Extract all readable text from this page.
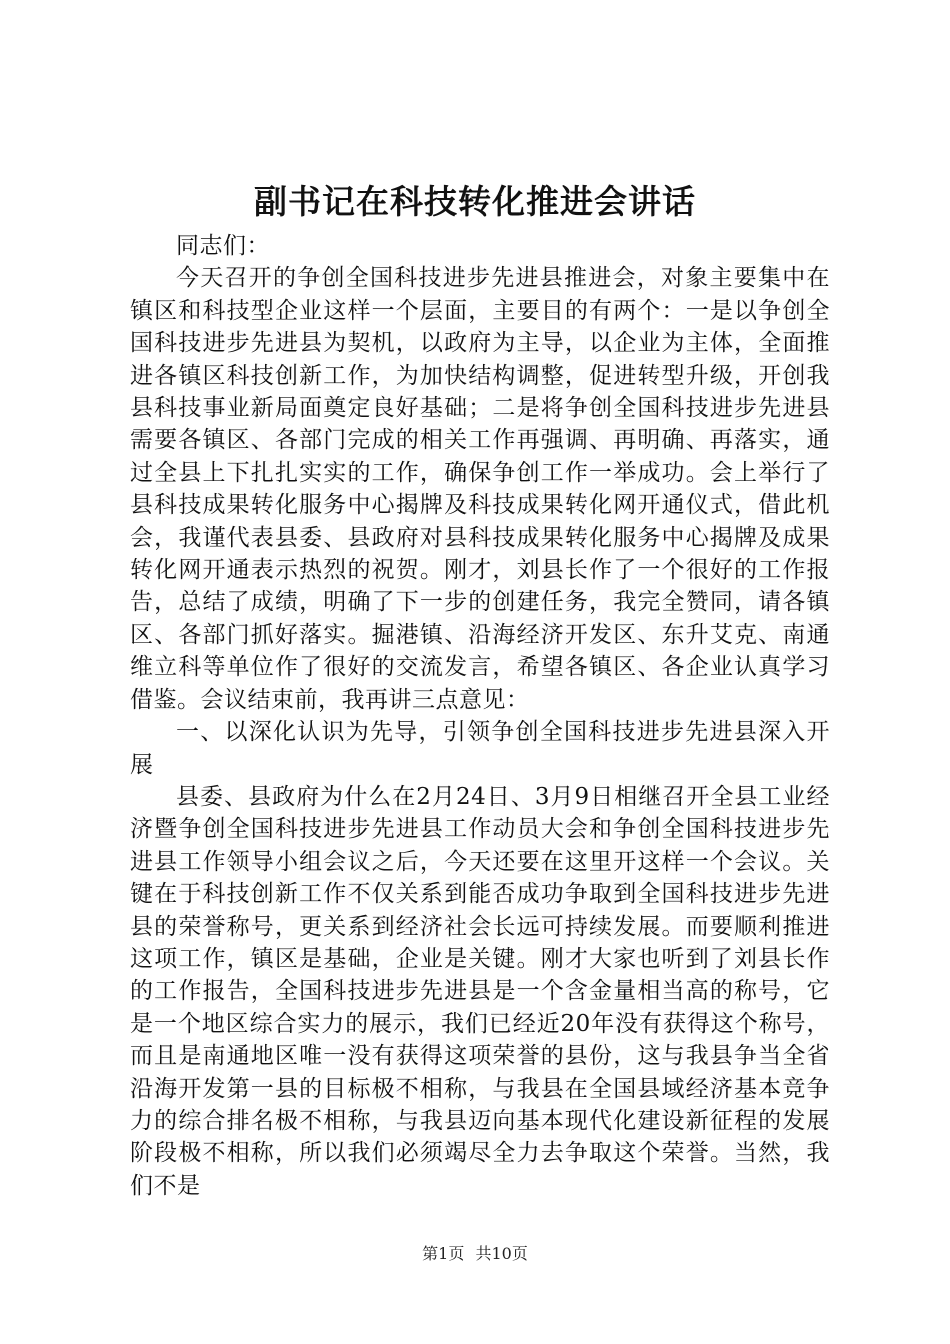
副书记在科技转化推进会讲话

同志们：

今天召开的争创全国科技进步先进县推进会，对象主要集中在镇区和科技型企业这样一个层面，主要目的有两个：一是以争创全国科技进步先进县为契机，以政府为主导，以企业为主体，全面推进各镇区科技创新工作，为加快结构调整，促进转型升级，开创我县科技事业新局面奠定良好基础；二是将争创全国科技进步先进县需要各镇区、各部门完成的相关工作再强调、再明确、再落实，通过全县上下扎扎实实的工作，确保争创工作一举成功。会上举行了县科技成果转化服务中心揭牌及科技成果转化网开通仪式，借此机会，我谨代表县委、县政府对县科技成果转化服务中心揭牌及成果转化网开通表示热烈的祝贺。刚才，刘县长作了一个很好的工作报告，总结了成绩，明确了下一步的创建任务，我完全赞同，请各镇区、各部门抓好落实。掘港镇、沿海经济开发区、东升艾克、南通维立科等单位作了很好的交流发言，希望各镇区、各企业认真学习借鉴。会议结束前，我再讲三点意见：

一、以深化认识为先导，引领争创全国科技进步先进县深入开展

县委、县政府为什么在2月24日、3月9日相继召开全县工业经济暨争创全国科技进步先进县工作动员大会和争创全国科技进步先进县工作领导小组会议之后，今天还要在这里开这样一个会议。关键在于科技创新工作不仅关系到能否成功争取到全国科技进步先进县的荣誉称号，更关系到经济社会长远可持续发展。而要顺利推进这项工作，镇区是基础，企业是关键。刚才大家也听到了刘县长作的工作报告，全国科技进步先进县是一个含金量相当高的称号，它是一个地区综合实力的展示，我们已经近20年没有获得这个称号，而且是南通地区唯一没有获得这项荣誉的县份，这与我县争当全省沿海开发第一县的目标极不相称，与我县在全国县域经济基本竞争力的综合排名极不相称，与我县迈向基本现代化建设新征程的发展阶段极不相称，所以我们必须竭尽全力去争取这个荣誉。当然，我们不是

第1页 共10页
